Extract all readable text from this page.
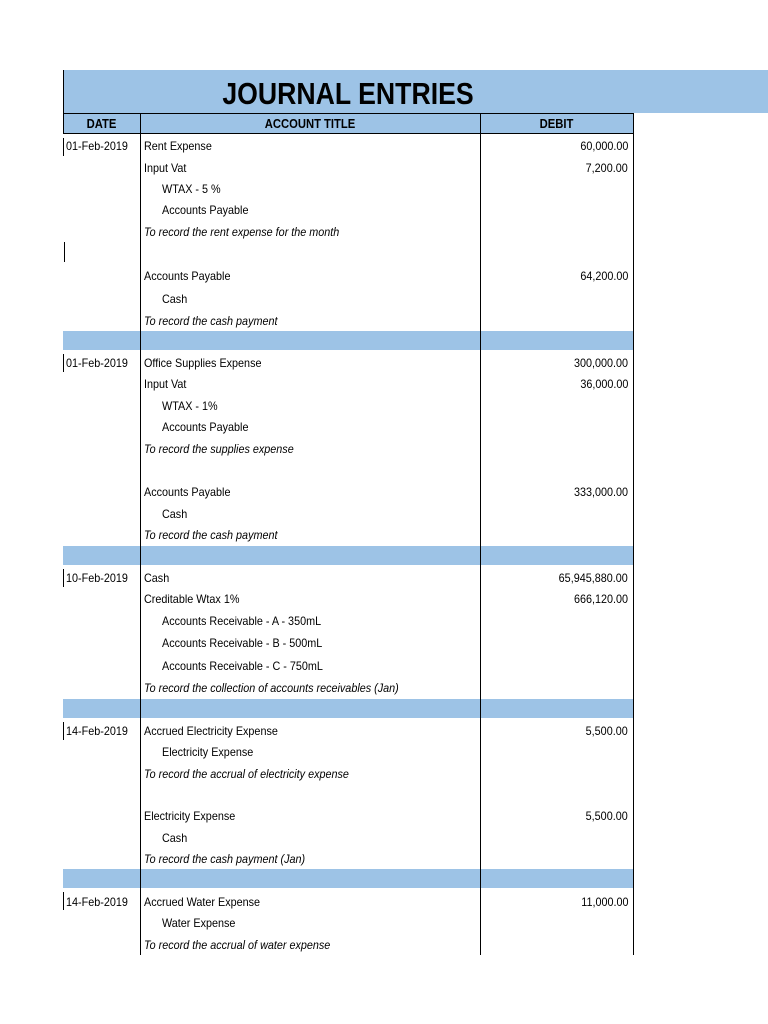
JOURNAL ENTRIES
DATE	ACCOUNT TITLE	DEBIT
01-Feb-2019 Rent Expense	60,000.00
Input Vat	7,200.00
WTAX - 5 %
Accounts Payable
To record the rent expense for the month
Accounts Payable	64,200.00
Cash
To record the cash payment
01-Feb-2019 Office Supplies Expense	300,000.00
Input Vat	36,000.00
WTAX - 1%
Accounts Payable
To record the supplies expense
Accounts Payable	333,000.00
Cash
To record the cash payment
10-Feb-2019 Cash	65,945,880.00
Creditable Wtax 1%	666,120.00
Accounts Receivable - A - 350mL
Accounts Receivable - B - 500mL
Accounts Receivable - C - 750mL
To record the collection of accounts receivables (Jan)
14-Feb-2019 Accrued Electricity Expense	5,500.00
Electricity Expense
To record the accrual of electricity expense
Electricity Expense	5,500.00
Cash
To record the cash payment (Jan)
14-Feb-2019 Accrued Water Expense	11,000.00
Water Expense
To record the accrual of water expense
